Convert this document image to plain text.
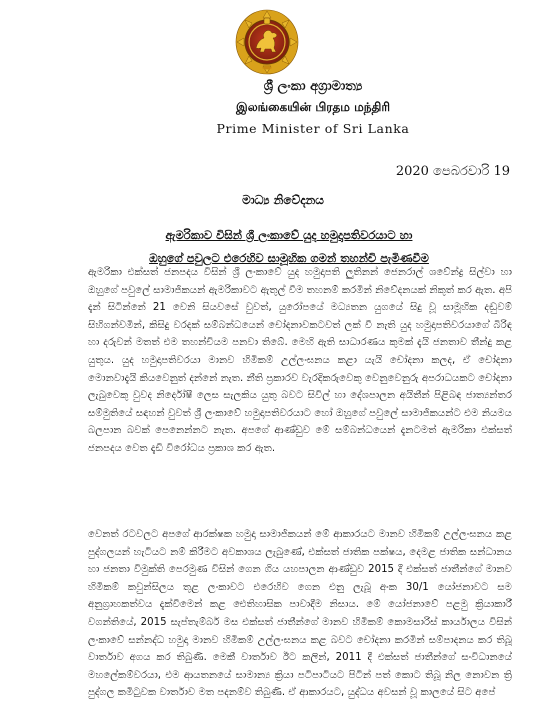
ශ්‍රී ලංකා අග්‍රාමාත්‍ය
இலங்கையின் பிரதம மந்திரி
Prime Minister of Sri Lanka
2020 පෙබරවාරි 19
මාධ්‍ය නිවේදනය
ඇමරිකාව විසින් ශ්‍රී ලංකාවේ යුද හමුදාපතිවරයාට හා
ඔහුගේ පවුලට එරෙහිව සාමූහික ගමන් තහන්චි පැමිණවීම
ඇමරිකා එක්සත් ජනපදය විසින් ශ්‍රී ලංකාවේ යුද හමුදාපති ලුතිනන් ජෙනරාල් ශවේන්ද්‍ර සිල්වා හා ඔහුගේ පවුලේ සාමාජිකයන් ඇමරිකාවට ඇතුල් වීම තහනම් කරමින් නිවේදනයක් නිකුත් කර ඇත. අපි දැන් සිටින්නේ 21 වෙනි සියවසේ වුවත්, යුරෝපයේ මධ්‍යතන යුගයේ සිදු වූ සාමූහික දඬුවම් සිහිගන්වමින්, කිසිදු වරදක් සම්බන්ධයෙන් චෝදනාවකටවත් ලක් වී නැති යුද හමුදාපතිවරයාගේ බිරිඳ හා දරුවන් මතත් එම තහන්චියම පනවා තිබේ. මෙහි ඇති සාධාරණය කුමක් දැයි ජනතාව තීන්දු කළ යුතුය. යුද හමුදාපතිවරයා මානව හිමිකම් උල්ලංඝනය කළා යැයි චෝදනා කලද, ඒ චෝදනා මොනවාදැයි කියවෙනුත් දන්නේ නැත. නීති ප්‍රකාරව වැරදිකරුවෙකු වෙනුවෙනුරු අපරාධයකට චෝදනා ලැබුවෙකු වුවද නිර්දෝෂී ලෙස සැලකිය යුතු බවට සිවිල් හා දේශපාලන අයිතීන් පිළිබඳ ජාත්‍යන්තර සම්මුතියේ සඳහන් වුවත් ශ්‍රී ලංකාවේ හමුදාපතිවරයාට හෝ ඔහුගේ පවුලේ සාමාජිකයන්ට එම නියමය බලපාන බවක් පෙනෙන්නට නැත. අපගේ ආණ්ඩුව මේ සම්බන්ධයෙන් දැනටමත් ඇමරිකා එක්සත් ජනපදය වෙත දැඩි විරෝධය ප්‍රකාශ කර ඇත.
වෙනත් රටවලට අපගේ ආරක්ෂක හමුදා සාමාජිකයන් මේ ආකාරයට මානව හිමිකම් උල්ලංඝනය කළ පුද්ගලයන් හැටියට නම් කිරීමට අවකාශය ලැබුණේ, එක්සත් ජාතික පක්ෂය, දෙමළ ජාතික සන්ධානය හා ජනතා විමුක්ති පෙරමුණ විසින් ගෙන ගිය යහපාලන ආණ්ඩුව 2015 දී එක්සත් ජාතීන්ගේ මානව හිමිකම් කවුන්සිලය තුළ ලංකාවට එරෙහිව ගෙන එනු ලැබූ අංක 30/1 යෝජනාවට සම අනුග්‍රාහකත්වය දැක්වීමෙන් කළ ඓතිහාසික පාවාදීම නිසාය. මේ යෝජනාවේ පළමු ක්‍රියාකාරී වගන්තියේ, 2015 සැප්තැම්බර් මස එක්සත් ජාතීන්ගේ මානව හිමිකම් කොමසාරිස් කාර්යාලය විසින් ලංකාවේ සන්නද්ධ හමුදා මානව හිමිකම් උල්ලංඝනය කළ බවට චෝදනා කරමින් සම්පාදනය කර තිබූ වාර්තාව අගය කර තිබුණි. මෙකී වාර්තාව ඊට කලින්, 2011 දී එක්සත් ජාතීන්ගේ සංවිධානයේ මහලේකම්වරයා, එම ආයතනයේ සාමාන්‍ය ක්‍රියා පටිපාටියට පිටින් පත් කොට තිබූ නිල නොවන ත්‍රි පුද්ගල කමිටුවක වාර්තාව මත පදනම්ව තිබුණි. ඒ ආකාරයට, යුද්ධය අවසන් වූ කාලයේ සිට අපේ
